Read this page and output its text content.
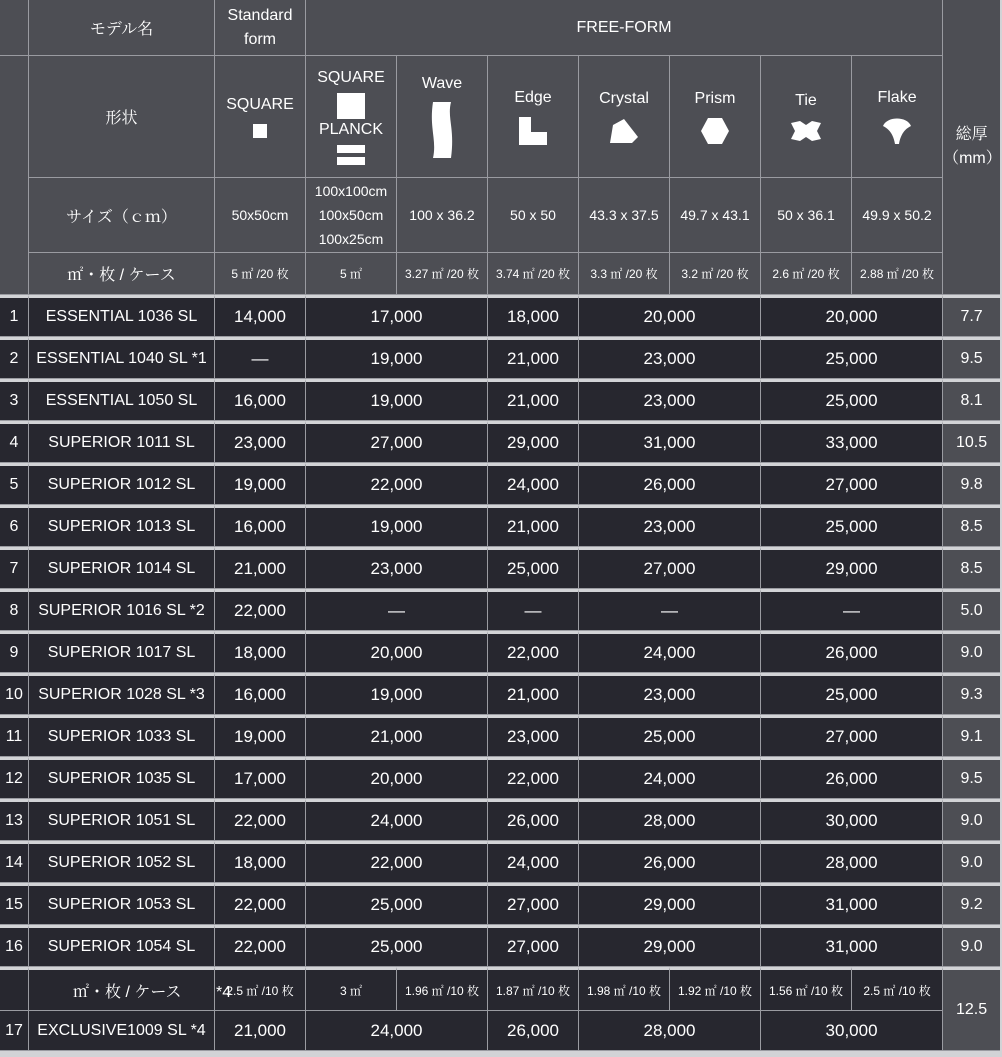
	モデル名	Standard
form	FREE-FORM							総厚
（mm）

	形状	SQUARE	SQUARE
PLANCK	Wave	Edge	Crystal	Prism	Tie	Flake	

	サイズ（ｃｍ）	50x50cm	100x100cm
100x50cm
100x25cm	100 x 36.2	50 x 50	43.3 x 37.5	49.7 x 43.1	50 x 36.1	49.9 x 50.2	
	㎡・枚 / ケース	5 ㎡ /20 枚	5 ㎡	3.27 ㎡ /20 枚	3.74 ㎡ /20 枚	3.3 ㎡ /20 枚	3.2 ㎡ /20 枚	2.6 ㎡ /20 枚	2.88 ㎡ /20 枚	
1	ESSENTIAL 1036 SL	14,000	17,000		18,000	20,000		20,000		7.7
2	ESSENTIAL 1040 SL *1	—	19,000		21,000	23,000		25,000		9.5
3	ESSENTIAL 1050 SL	16,000	19,000		21,000	23,000		25,000		8.1
4	SUPERIOR 1011 SL	23,000	27,000		29,000	31,000		33,000		10.5
5	SUPERIOR 1012 SL	19,000	22,000		24,000	26,000		27,000		9.8
6	SUPERIOR 1013 SL	16,000	19,000		21,000	23,000		25,000		8.5
7	SUPERIOR 1014 SL	21,000	23,000		25,000	27,000		29,000		8.5
8	SUPERIOR 1016 SL *2	22,000	—		—	—		—		5.0
9	SUPERIOR 1017 SL	18,000	20,000		22,000	24,000		26,000		9.0
10	SUPERIOR 1028 SL *3	16,000	19,000		21,000	23,000		25,000		9.3
11	SUPERIOR 1033 SL	19,000	21,000		23,000	25,000		27,000		9.1
12	SUPERIOR 1035 SL	17,000	20,000		22,000	24,000		26,000		9.5
13	SUPERIOR 1051 SL	22,000	24,000		26,000	28,000		30,000		9.0
14	SUPERIOR 1052 SL	18,000	22,000		24,000	26,000		28,000		9.0
15	SUPERIOR 1053 SL	22,000	25,000		27,000	29,000		31,000		9.2
16	SUPERIOR 1054 SL	22,000	25,000		27,000	29,000		31,000		9.0
	㎡・枚 / ケース *4	2.5 ㎡ /10 枚	3 ㎡	1.96 ㎡ /10 枚	1.87 ㎡ /10 枚	1.98 ㎡ /10 枚	1.92 ㎡ /10 枚	1.56 ㎡ /10 枚	2.5 ㎡ /10 枚	12.5
17	EXCLUSIVE1009 SL *4	21,000	24,000		26,000	28,000		30,000		
